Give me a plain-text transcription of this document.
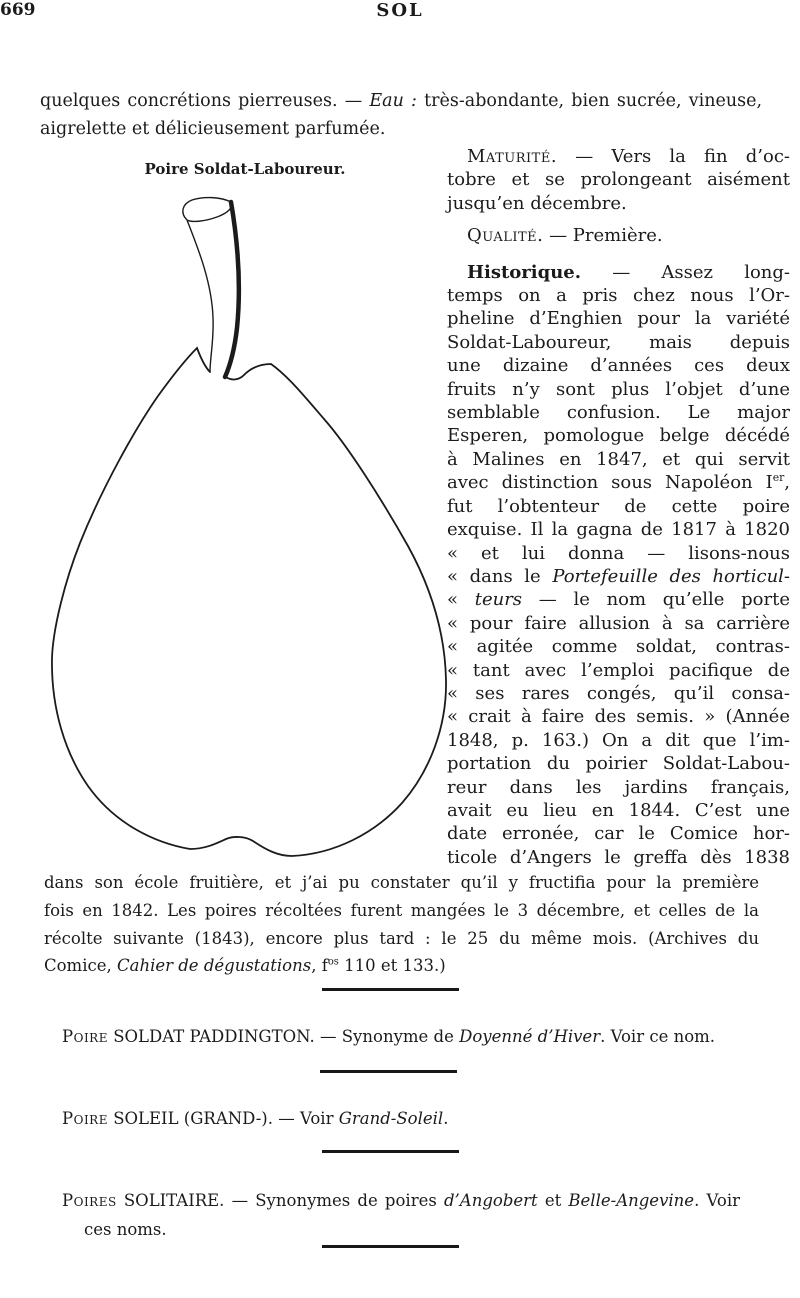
SOL
669
quelques concrétions pierreuses. — Eau : très-abondante, bien sucrée, vineuse,
aigrelette et délicieusement parfumée.
Poire Soldat-Laboureur.
Maturité. — Vers la fin d’oc-
tobre et se prolongeant aisément
jusqu’en décembre.
Qualité. — Première.
Historique. — Assez long-
temps on a pris chez nous l’Or-
pheline d’Enghien pour la variété
Soldat-Laboureur, mais depuis
une dizaine d’années ces deux
fruits n’y sont plus l’objet d’une
semblable confusion. Le major
Esperen, pomologue belge décédé
à Malines en 1847, et qui servit
avec distinction sous Napoléon Ier,
fut l’obtenteur de cette poire
exquise. Il la gagna de 1817 à 1820
« et lui donna — lisons-nous
« dans le Portefeuille des horticul-
« teurs — le nom qu’elle porte
« pour faire allusion à sa carrière
« agitée comme soldat, contras-
« tant avec l’emploi pacifique de
« ses rares congés, qu’il consa-
« crait à faire des semis. » (Année
1848, p. 163.) On a dit que l’im-
portation du poirier Soldat-Labou-
reur dans les jardins français,
avait eu lieu en 1844. C’est une
date erronée, car le Comice hor-
ticole d’Angers le greffa dès 1838
dans son école fruitière, et j’ai pu constater qu’il y fructifia pour la première
fois en 1842. Les poires récoltées furent mangées le 3 décembre, et celles de la
récolte suivante (1843), encore plus tard : le 25 du même mois. (Archives du
Comice, Cahier de dégustations, $f^{os}$ 110 et 133.)
Poire SOLDAT PADDINGTON. — Synonyme de Doyenné d’Hiver. Voir ce nom.
Poire SOLEIL (GRAND-). — Voir Grand-Soleil.
Poires SOLITAIRE. — Synonymes de poires d’Angobert et Belle-Angevine. Voir
ces noms.
